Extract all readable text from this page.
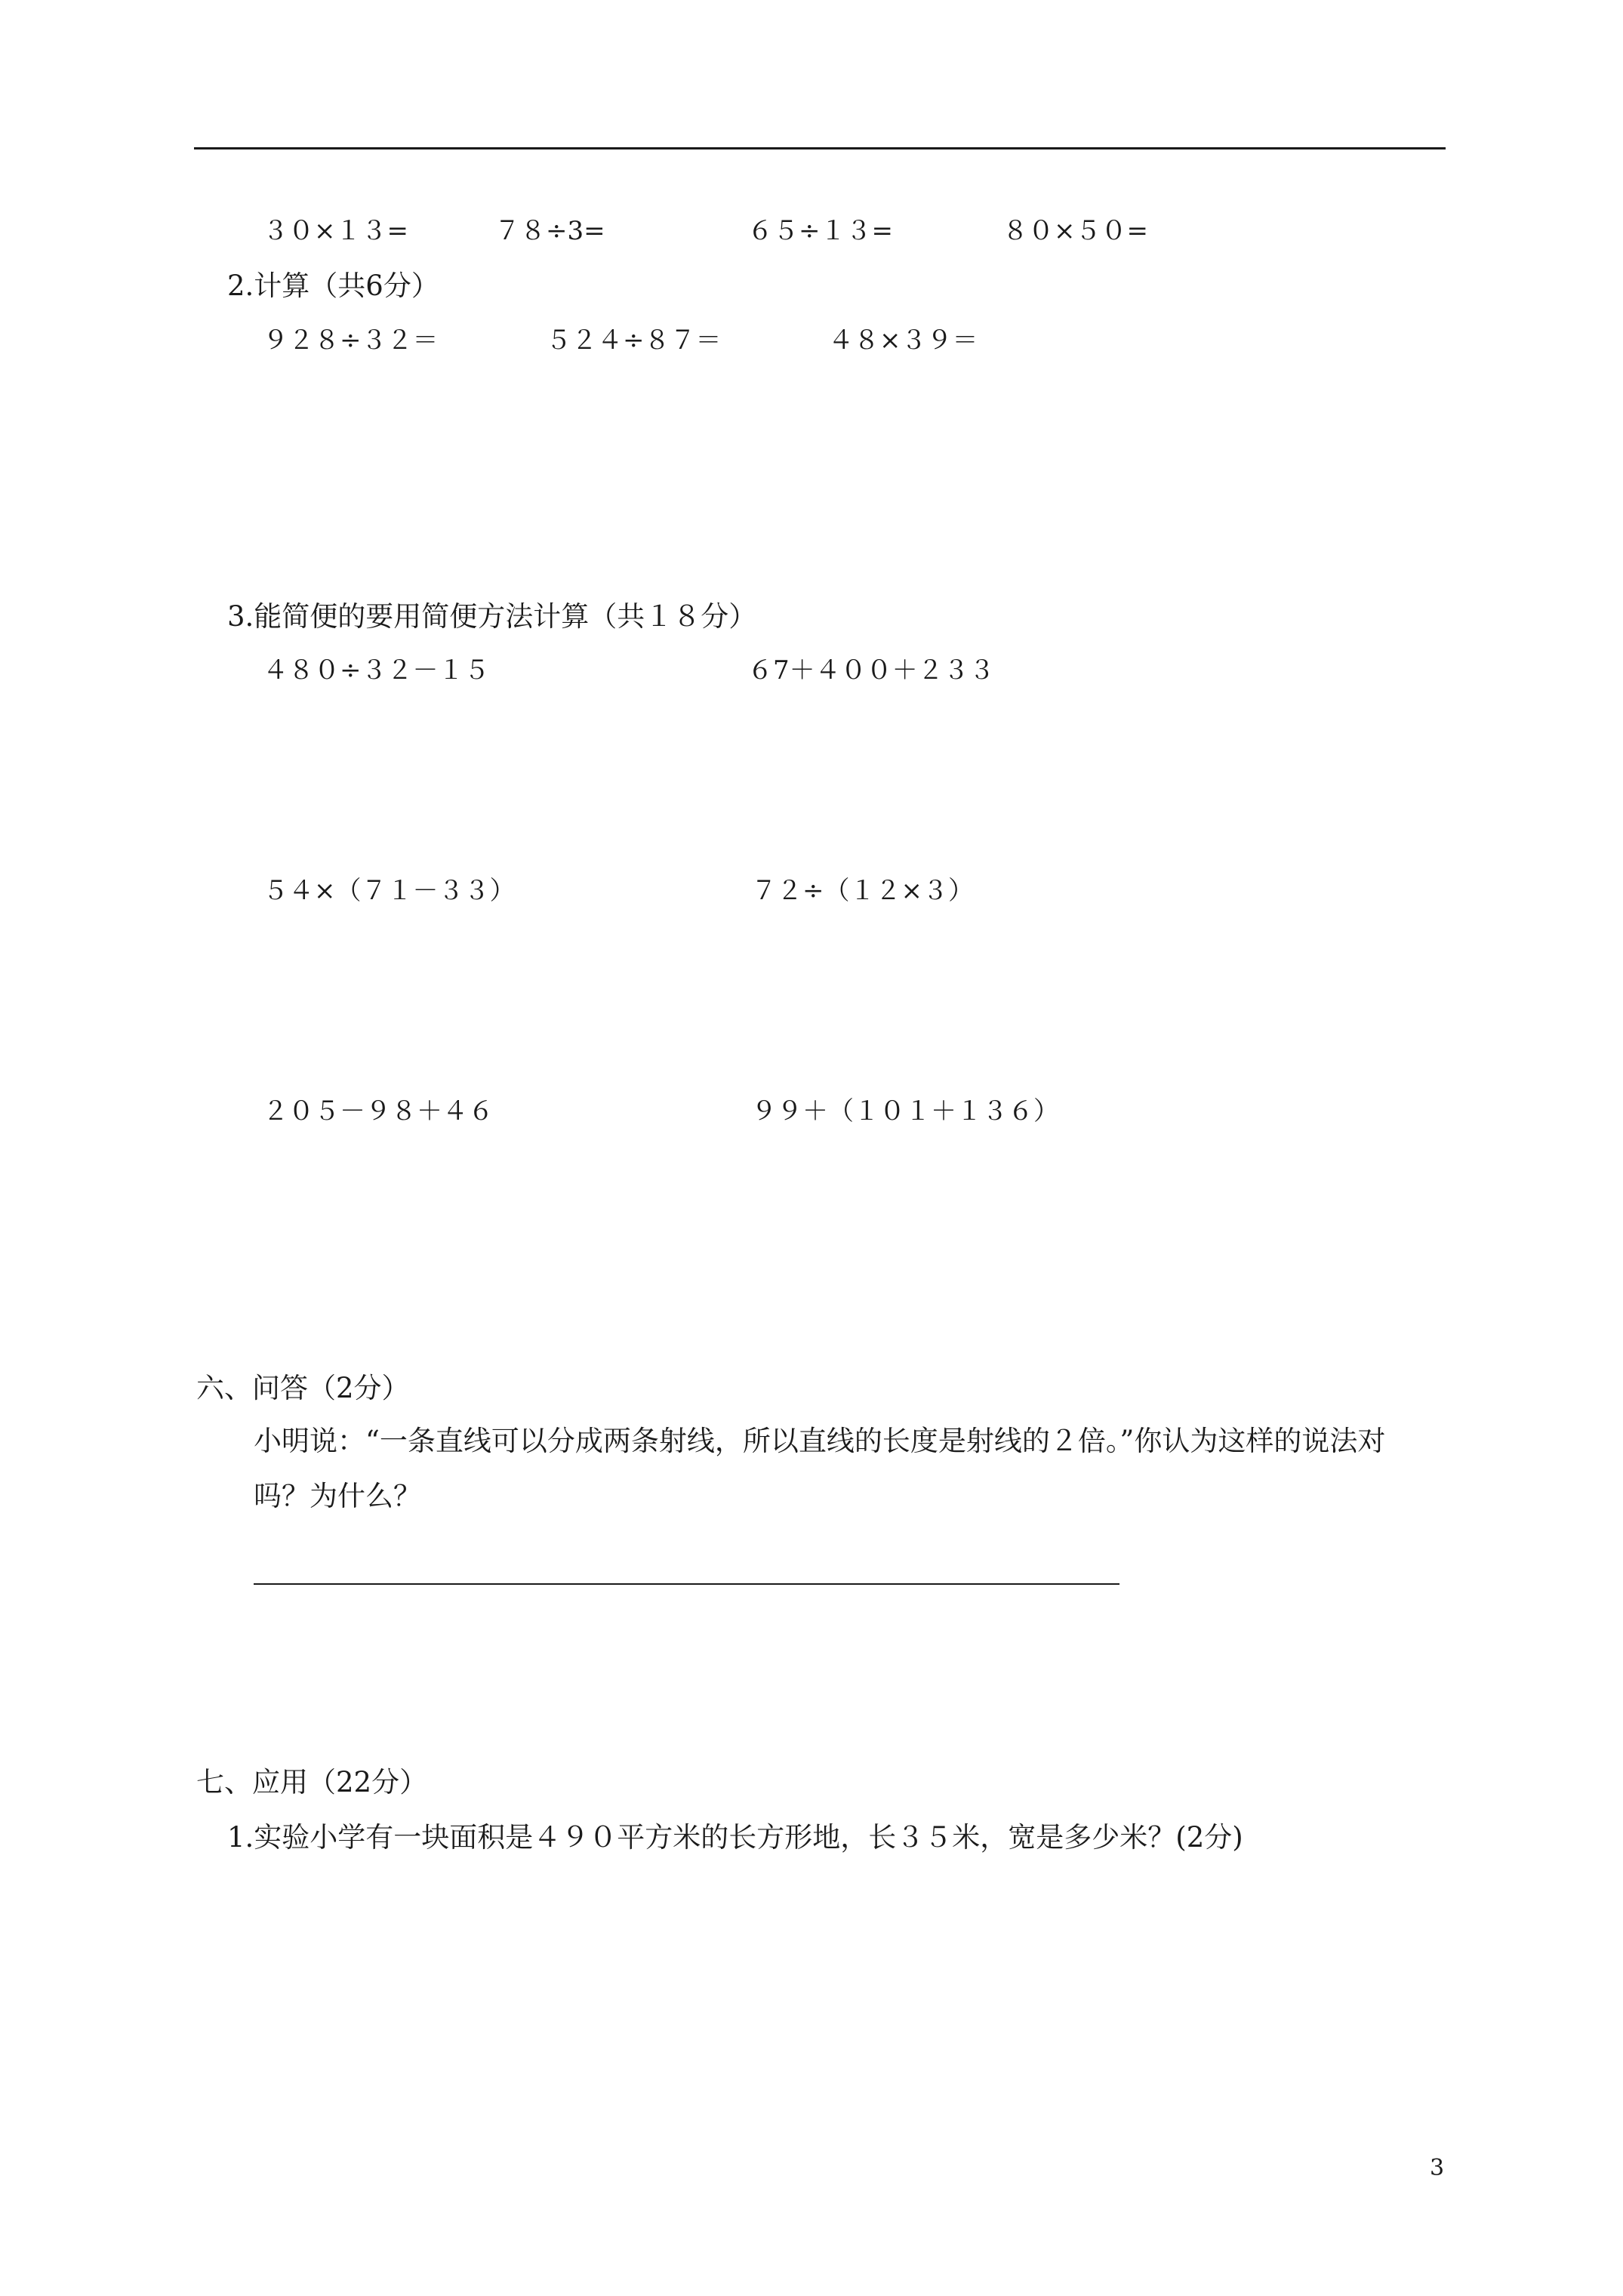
３０×１３=	７８÷3=	６５÷１３=	８０×５０=
2.计算（共6分）
９２８÷３２＝	５２４÷８７＝	４８×３９＝
3.能简便的要用简便方法计算（共１８分）
４８０÷３２－１５	６7＋４００＋２３３
５４×（７１－３３）	７２÷（１２×３）
２０５－９８＋４６	９９＋（１０１＋１３６）
六、问答（2分）
小明说：“一条直线可以分成两条射线，所以直线的长度是射线的２倍。”你认为这样的说法对
吗？为什么？
七、应用（22分）
1.实验小学有一块面积是４９０平方米的长方形地，长３５米，宽是多少米？(2分)
3
